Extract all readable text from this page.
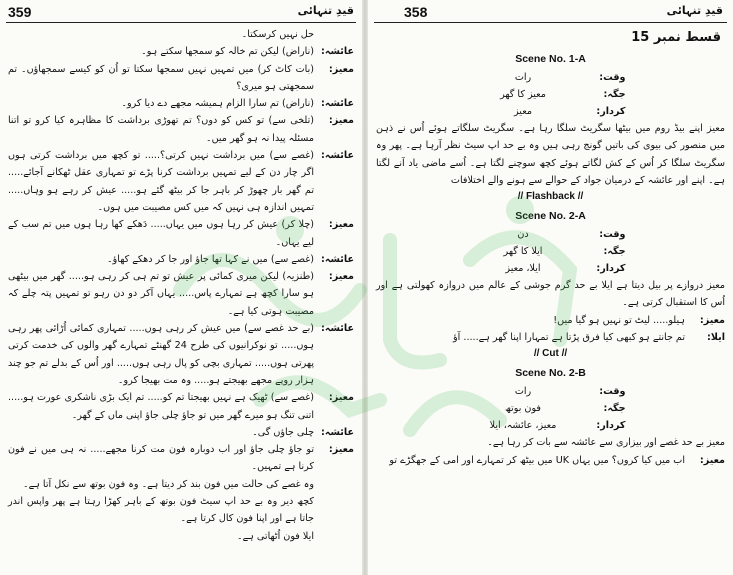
359	قیدِ تنہائی
حل نہیں کرسکتا۔
عائشہ:
(ناراض) لیکن تم خالہ کو سمجھا سکتے ہو۔
معیز:
(بات کاٹ کر) میں تمہیں نہیں سمجھا سکتا تو اُن کو کیسے سمجھاؤں۔ تم سمجھتی ہو میری؟
عائشہ:
(ناراض) تم سارا الزام ہمیشہ مجھے دے دیا کرو۔
معیز:
(تلخی سے) تو کس کو دوں؟ تم تھوڑی برداشت کا مظاہرہ کیا کرو تو اتنا مسئلہ پیدا نہ ہو گھر میں۔
عائشہ:
(غصے سے) میں برداشت نہیں کرتی؟..... تو کچھ میں برداشت کرتی ہوں اگر چار دن کے لیے تمہیں برداشت کرنا پڑے تو تمہاری عقل ٹھکانے آجائے..... تم گھر بار چھوڑ کر باہر جا کر بیٹھ گئے ہو..... عیش کر رہے ہو وہاں..... تمہیں اندازہ ہی نہیں کہ میں کس مصیبت میں ہوں۔
معیز:
(چلا کر) عیش کر رہا ہوں میں یہاں..... دَھکے کھا رہا ہوں میں تم سب کے لیے یہاں۔
عائشہ:
(غصے سے) میں نے کہا تھا جاؤ اور جا کر دھکے کھاؤ۔
معیز:
(طنزیہ) لیکن میری کمائی پر عیش تو تم ہی کر رہی ہو..... گھر میں بیٹھی ہو سارا کچھ ہے تمہارے پاس..... یہاں آکر دو دن رہو تو تمہیں پتہ چلے کہ مصیبت ہوتی کیا ہے۔
عائشہ:
(بے حد غصے سے) میں عیش کر رہی ہوں..... تمہاری کمائی اُڑائی پھر رہی ہوں..... تو نوکرانیوں کی طرح 24 گھنٹے تمہارے گھر والوں کی خدمت کرتی پھرتی ہوں..... تمہاری بچی کو پال رہی ہوں..... اور اُس کے بدلے تم جو چند ہزار روپے مجھے بھیجتے ہو..... وہ مت بھیجا کرو۔
معیز:
(غصے سے) ٹھیک ہے نہیں بھیجتا تم کو..... تم ایک بڑی ناشکری عورت ہو..... اتنی تنگ ہو میرے گھر میں تو جاؤ چلی جاؤ اپنی ماں کے گھر۔
عائشہ:
چلی جاؤں گی۔
معیز:
تو جاؤ چلی جاؤ اور اب دوبارہ فون مت کرنا مجھے..... نہ ہی میں نے فون کرنا ہے تمہیں۔
وہ غصے کی حالت میں فون بند کر دیتا ہے۔ وہ فون بوتھ سے نکل آتا ہے۔
کچھ دیر وہ بے حد اپ سیٹ فون بوتھ کے باہر کھڑا رہتا ہے پھر واپس اندر جاتا ہے اور اپنا فون کال کرتا ہے۔
ایلا فون اُٹھاتی ہے۔
358	قیدِ تنہائی
قسط نمبر 15
Scene No. 1-A
وقت:
رات
جگہ:
معیز کا گھر
کردار:
معیز
معیز اپنے بیڈ روم میں بیٹھا سگریٹ سلگا رہا ہے۔ سگریٹ سلگاتے ہوئے اُس نے ذہن میں منصور کی بیوی کی باتیں گونج رہی ہیں وہ بے حد اپ سیٹ نظر آرہا ہے۔ پھر وہ سگریٹ سلگا کر اُس کے کش لگاتے ہوئے کچھ سوچنے لگتا ہے۔ اُسے ماضی یاد آنے لگتا ہے۔ اپنے اور عائشہ کے درمیان جواد کے حوالے سے ہونے والے اختلافات
// Flashback //
Scene No. 2-A
وقت:
دن
جگہ:
ایلا کا گھر
کردار:
ایلا، معیز
معیز دروازے پر بیل دیتا ہے ایلا بے حد گرم جوشی کے عالم میں دروازہ کھولتی ہے اور اُس کا استقبال کرتی ہے۔
معیز:
ہیلو..... لیٹ تو نہیں ہو گیا میں!
ایلا:
تم جانتے ہو کبھی کیا فرق پڑتا ہے تمہارا اپنا گھر ہے..... آؤ
// Cut //
Scene No. 2-B
وقت:
رات
جگہ:
فون بوتھ
کردار:
معیز، عائشہ، ایلا
معیز بے حد غصے اور بیزاری سے عائشہ سے بات کر رہا ہے۔
معیز:
اب میں کیا کروں؟ میں یہاں UK میں بیٹھ کر تمہارے اور امی کے جھگڑے تو
